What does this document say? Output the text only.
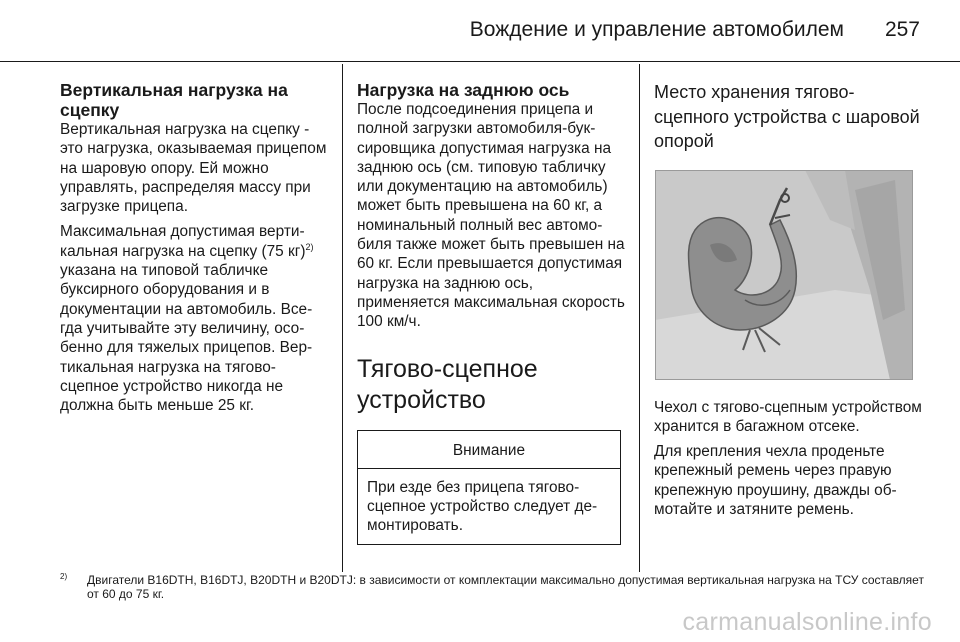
Вождение и управление автомобилем 257
Вертикальная нагрузка на сцепку

Вертикальная нагрузка на сцепку - это нагрузка, оказываемая прицепом на шаровую опору. Ей можно управлять, распределяя массу при загрузке прицепа.

Максимальная допустимая вертикальная нагрузка на сцепку (75 кг)$^{2)}$ указана на типовой табличке буксирного оборудования и в документации на автомобиль. Всегда учитывайте эту величину, особенно для тяжелых прицепов. Вертикальная нагрузка на тягово-сцепное устройство никогда не должна быть меньше 25 кг.

Нагрузка на заднюю ось

После подсоединения прицепа и полной загрузки автомобиля-буксировщика допустимая нагрузка на заднюю ось (см. типовую табличку или документацию на автомобиль) может быть превышена на 60 кг, а номинальный полный вес автомобиля также может быть превышен на 60 кг. Если превышается допустимая нагрузка на заднюю ось, применяется максимальная скорость 100 км/ч.

Тягово-сцепное устройство
Внимание
При езде без прицепа тягово-сцепное устройство следует демонтировать.
Место хранения тягово-сцепного устройства с шаровой опорой

Чехол с тягово-сцепным устройством хранится в багажном отсеке.

Для крепления чехла проденьте крепежный ремень через правую крепежную проушину, дважды обмотайте и затяните ремень.

2) Двигатели B16DTH, B16DTJ, B20DTH и B20DTJ: в зависимости от комплектации максимально допустимая вертикальная нагрузка на ТСУ составляет от 60 до 75 кг.
carmanualsonline.info
